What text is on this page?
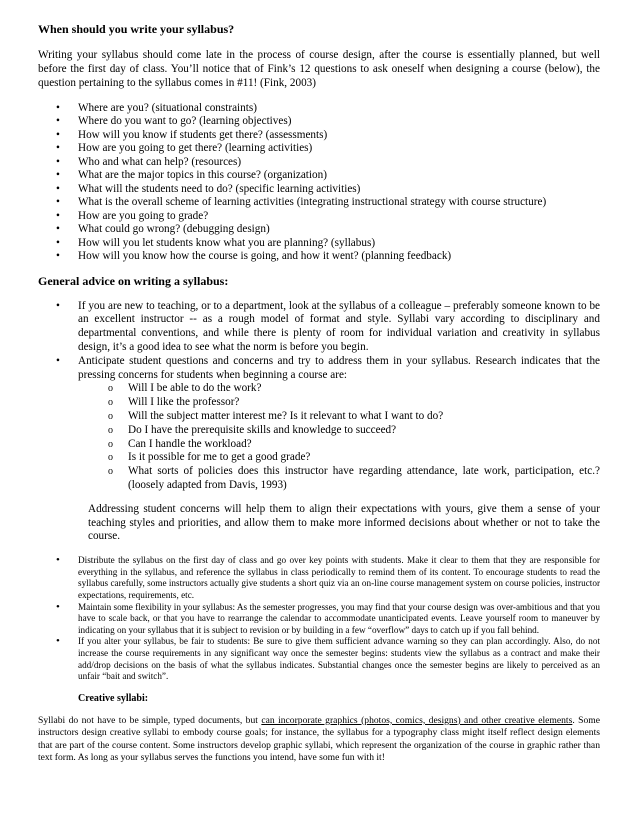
When should you write your syllabus?

Writing your syllabus should come late in the process of course design, after the course is essentially planned, but well before the first day of class. You’ll notice that of Fink’s 12 questions to ask oneself when designing a course (below), the question pertaining to the syllabus comes in #11! (Fink, 2003)

• Where are you? (situational constraints)
• Where do you want to go? (learning objectives)
• How will you know if students get there? (assessments)
• How are you going to get there? (learning activities)
• Who and what can help? (resources)
• What are the major topics in this course? (organization)
• What will the students need to do? (specific learning activities)
• What is the overall scheme of learning activities (integrating instructional strategy with course structure)
• How are you going to grade?
• What could go wrong? (debugging design)
• How will you let students know what you are planning? (syllabus)
• How will you know how the course is going, and how it went? (planning feedback)
General advice on writing a syllabus:
• If you are new to teaching, or to a department, look at the syllabus of a colleague – preferably someone known to be an excellent instructor -- as a rough model of format and style. Syllabi vary according to disciplinary and departmental conventions, and while there is plenty of room for individual variation and creativity in syllabus design, it’s a good idea to see what the norm is before you begin.
• Anticipate student questions and concerns and try to address them in your syllabus. Research indicates that the pressing concerns for students when beginning a course are:
o Will I be able to do the work?
o Will I like the professor?
o Will the subject matter interest me? Is it relevant to what I want to do?
o Do I have the prerequisite skills and knowledge to succeed?
o Can I handle the workload?
o Is it possible for me to get a good grade?
o What sorts of policies does this instructor have regarding attendance, late work, participation, etc.? (loosely adapted from Davis, 1993)

Addressing student concerns will help them to align their expectations with yours, give them a sense of your teaching styles and priorities, and allow them to make more informed decisions about whether or not to take the course.

• Distribute the syllabus on the first day of class and go over key points with students. Make it clear to them that they are responsible for everything in the syllabus, and reference the syllabus in class periodically to remind them of its content. To encourage students to read the syllabus carefully, some instructors actually give students a short quiz via an on-line course management system on course policies, instructor expectations, requirements, etc.
• Maintain some flexibility in your syllabus: As the semester progresses, you may find that your course design was over-ambitious and that you have to scale back, or that you have to rearrange the calendar to accommodate unanticipated events. Leave yourself room to maneuver by indicating on your syllabus that it is subject to revision or by building in a few “overflow” days to catch up if you fall behind.
• If you alter your syllabus, be fair to students: Be sure to give them sufficient advance warning so they can plan accordingly. Also, do not increase the course requirements in any significant way once the semester begins: students view the syllabus as a contract and make their add/drop decisions on the basis of what the syllabus indicates. Substantial changes once the semester begins are likely to perceived as an unfair “bait and switch”.
Creative syllabi:

Syllabi do not have to be simple, typed documents, but can incorporate graphics (photos, comics, designs) and other creative elements. Some instructors design creative syllabi to embody course goals; for instance, the syllabus for a typography class might itself reflect design elements that are part of the course content. Some instructors develop graphic syllabi, which represent the organization of the course in graphic rather than text form. As long as your syllabus serves the functions you intend, have some fun with it!
